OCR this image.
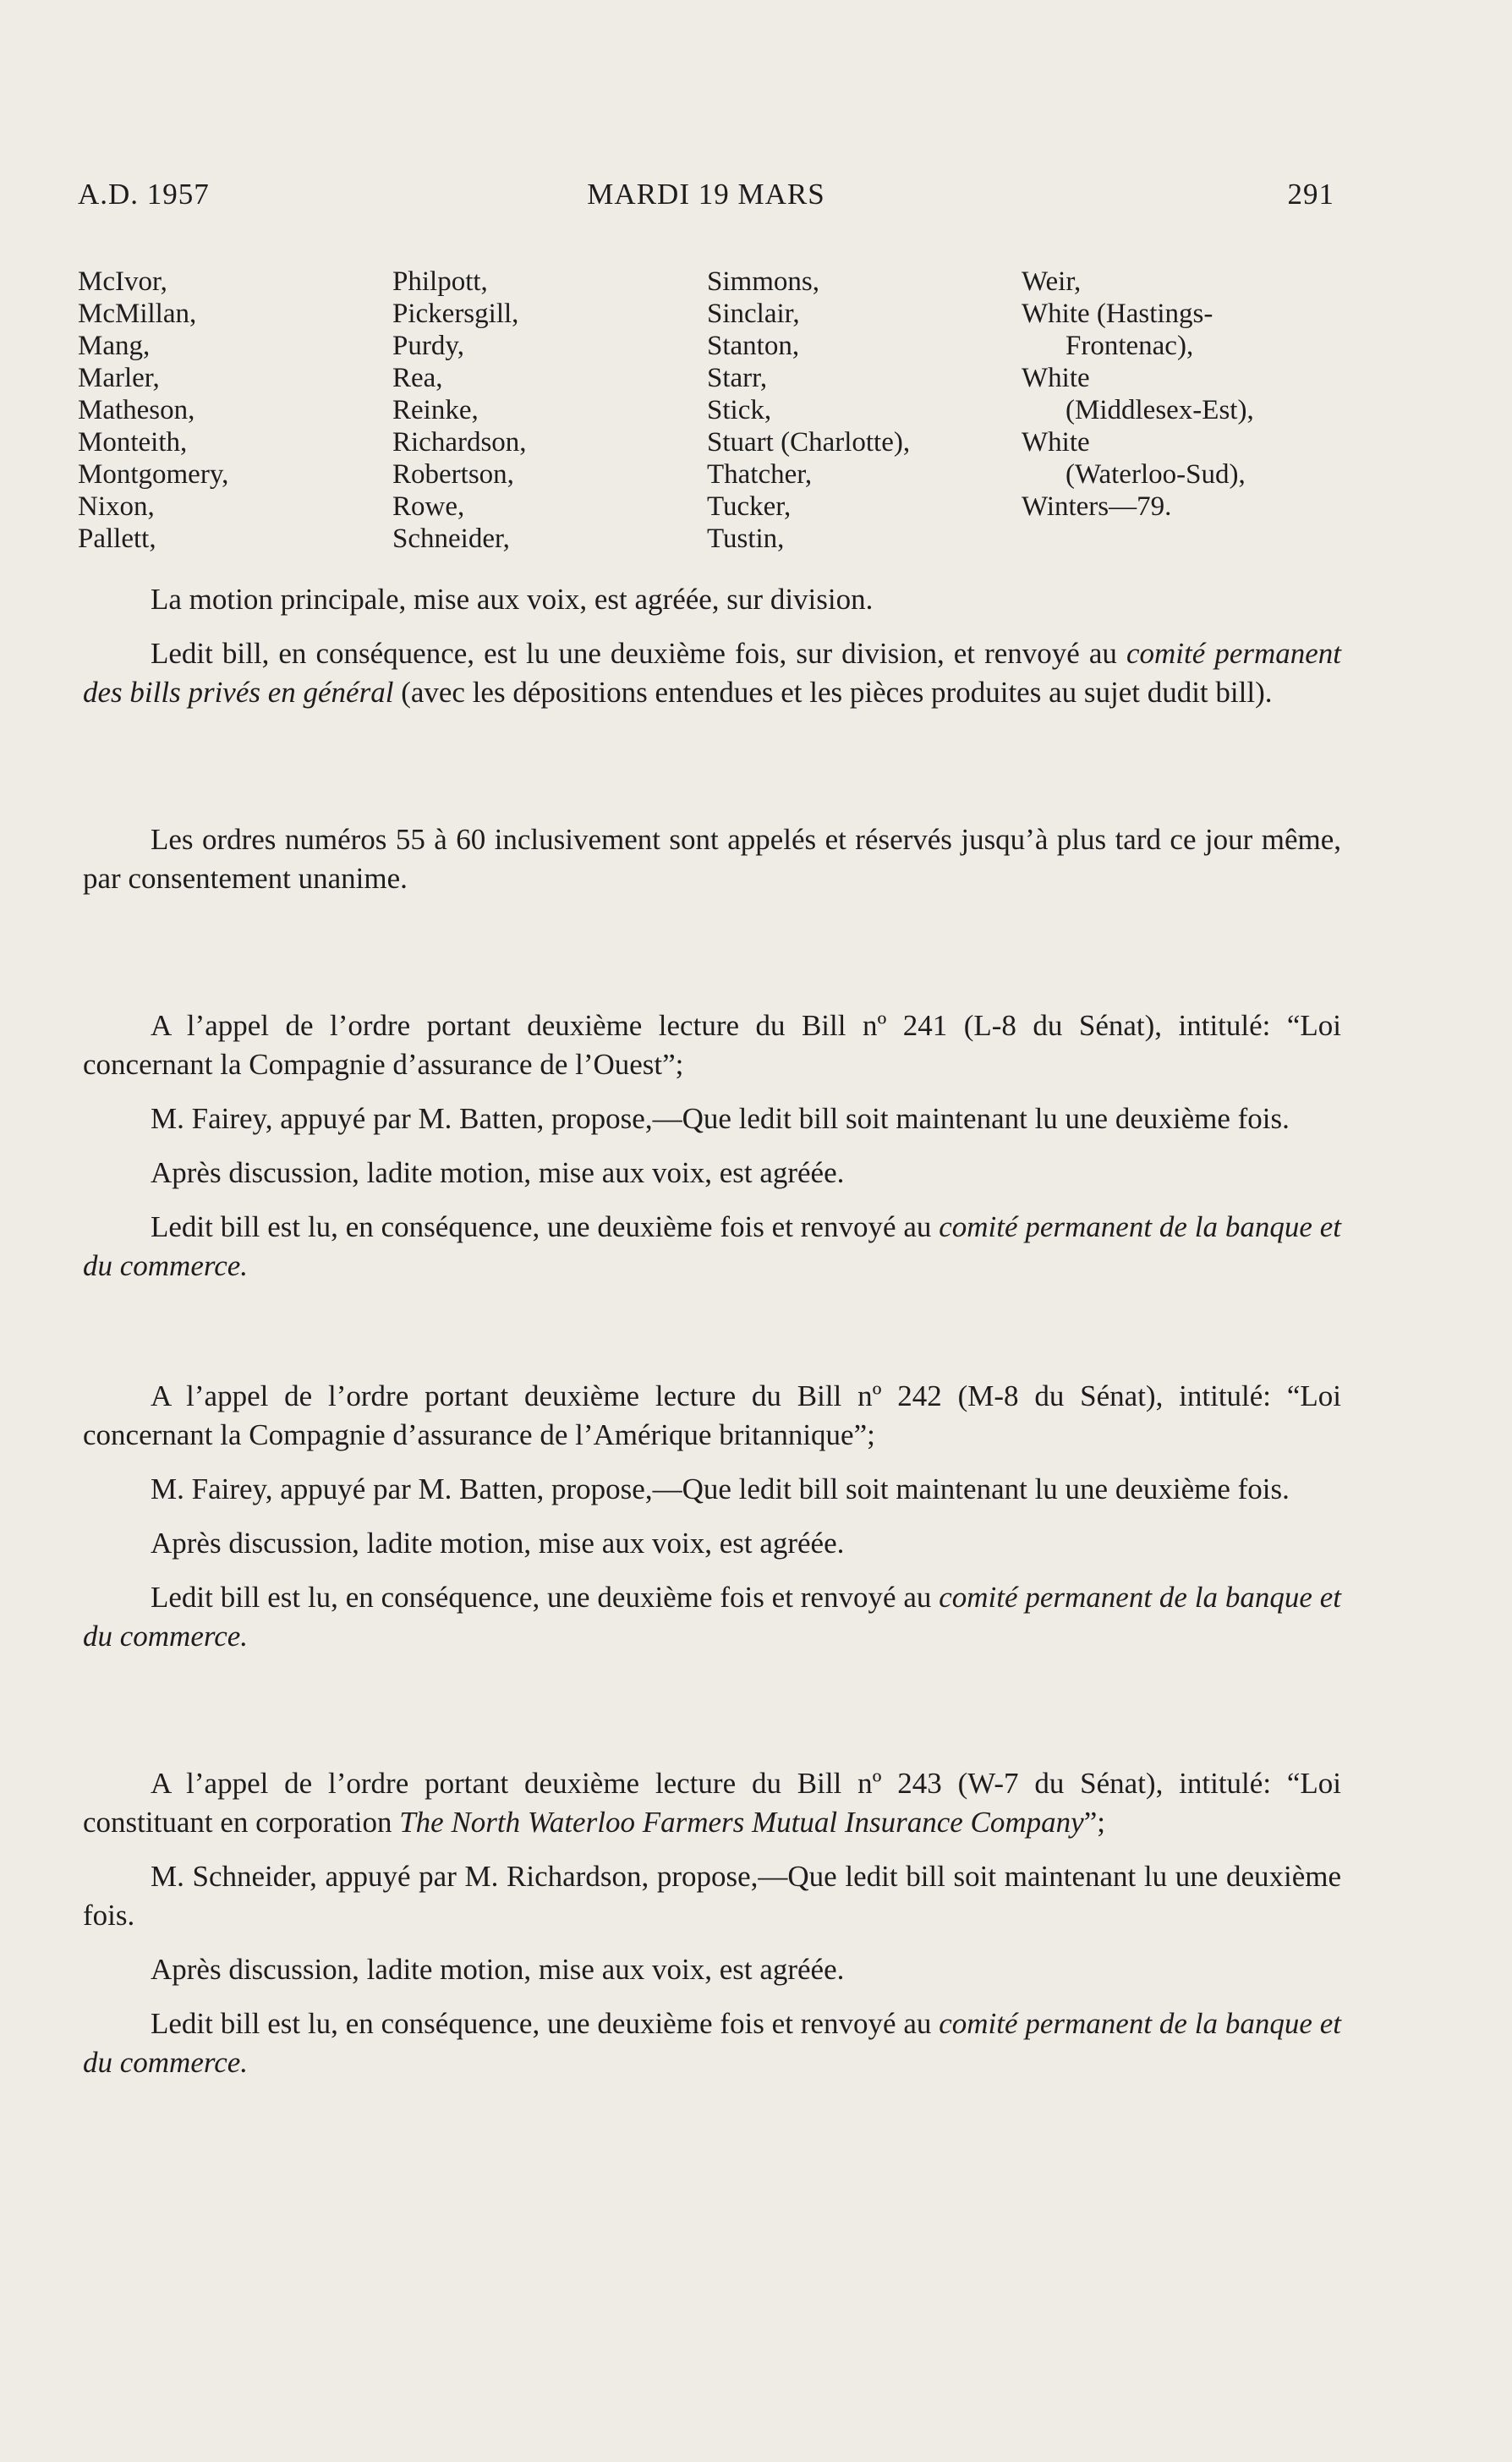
A.D. 1957	MARDI 19 MARS	291
McIvor,
McMillan,
Mang,
Marler,
Matheson,
Monteith,
Montgomery,
Nixon,
Pallett,
Philpott,
Pickersgill,
Purdy,
Rea,
Reinke,
Richardson,
Robertson,
Rowe,
Schneider,
Simmons,
Sinclair,
Stanton,
Starr,
Stick,
Stuart (Charlotte),
Thatcher,
Tucker,
Tustin,
Weir,
White (Hastings-
Frontenac),
White
(Middlesex-Est),
White
(Waterloo-Sud),
Winters—79.

La motion principale, mise aux voix, est agréée, sur division.

Ledit bill, en conséquence, est lu une deuxième fois, sur division, et renvoyé au comité permanent des bills privés en général (avec les dépositions entendues et les pièces produites au sujet dudit bill).

Les ordres numéros 55 à 60 inclusivement sont appelés et réservés jusqu’à plus tard ce jour même, par consentement unanime.

A l’appel de l’ordre portant deuxième lecture du Bill nº 241 (L-8 du Sénat), intitulé: “Loi concernant la Compagnie d’assurance de l’Ouest”;

M. Fairey, appuyé par M. Batten, propose,—Que ledit bill soit maintenant lu une deuxième fois.

Après discussion, ladite motion, mise aux voix, est agréée.

Ledit bill est lu, en conséquence, une deuxième fois et renvoyé au comité permanent de la banque et du commerce.

A l’appel de l’ordre portant deuxième lecture du Bill nº 242 (M-8 du Sénat), intitulé: “Loi concernant la Compagnie d’assurance de l’Amérique britannique”;

M. Fairey, appuyé par M. Batten, propose,—Que ledit bill soit maintenant lu une deuxième fois.

Après discussion, ladite motion, mise aux voix, est agréée.

Ledit bill est lu, en conséquence, une deuxième fois et renvoyé au comité permanent de la banque et du commerce.

A l’appel de l’ordre portant deuxième lecture du Bill nº 243 (W-7 du Sénat), intitulé: “Loi constituant en corporation The North Waterloo Farmers Mutual Insurance Company”;

M. Schneider, appuyé par M. Richardson, propose,—Que ledit bill soit maintenant lu une deuxième fois.

Après discussion, ladite motion, mise aux voix, est agréée.

Ledit bill est lu, en conséquence, une deuxième fois et renvoyé au comité permanent de la banque et du commerce.
